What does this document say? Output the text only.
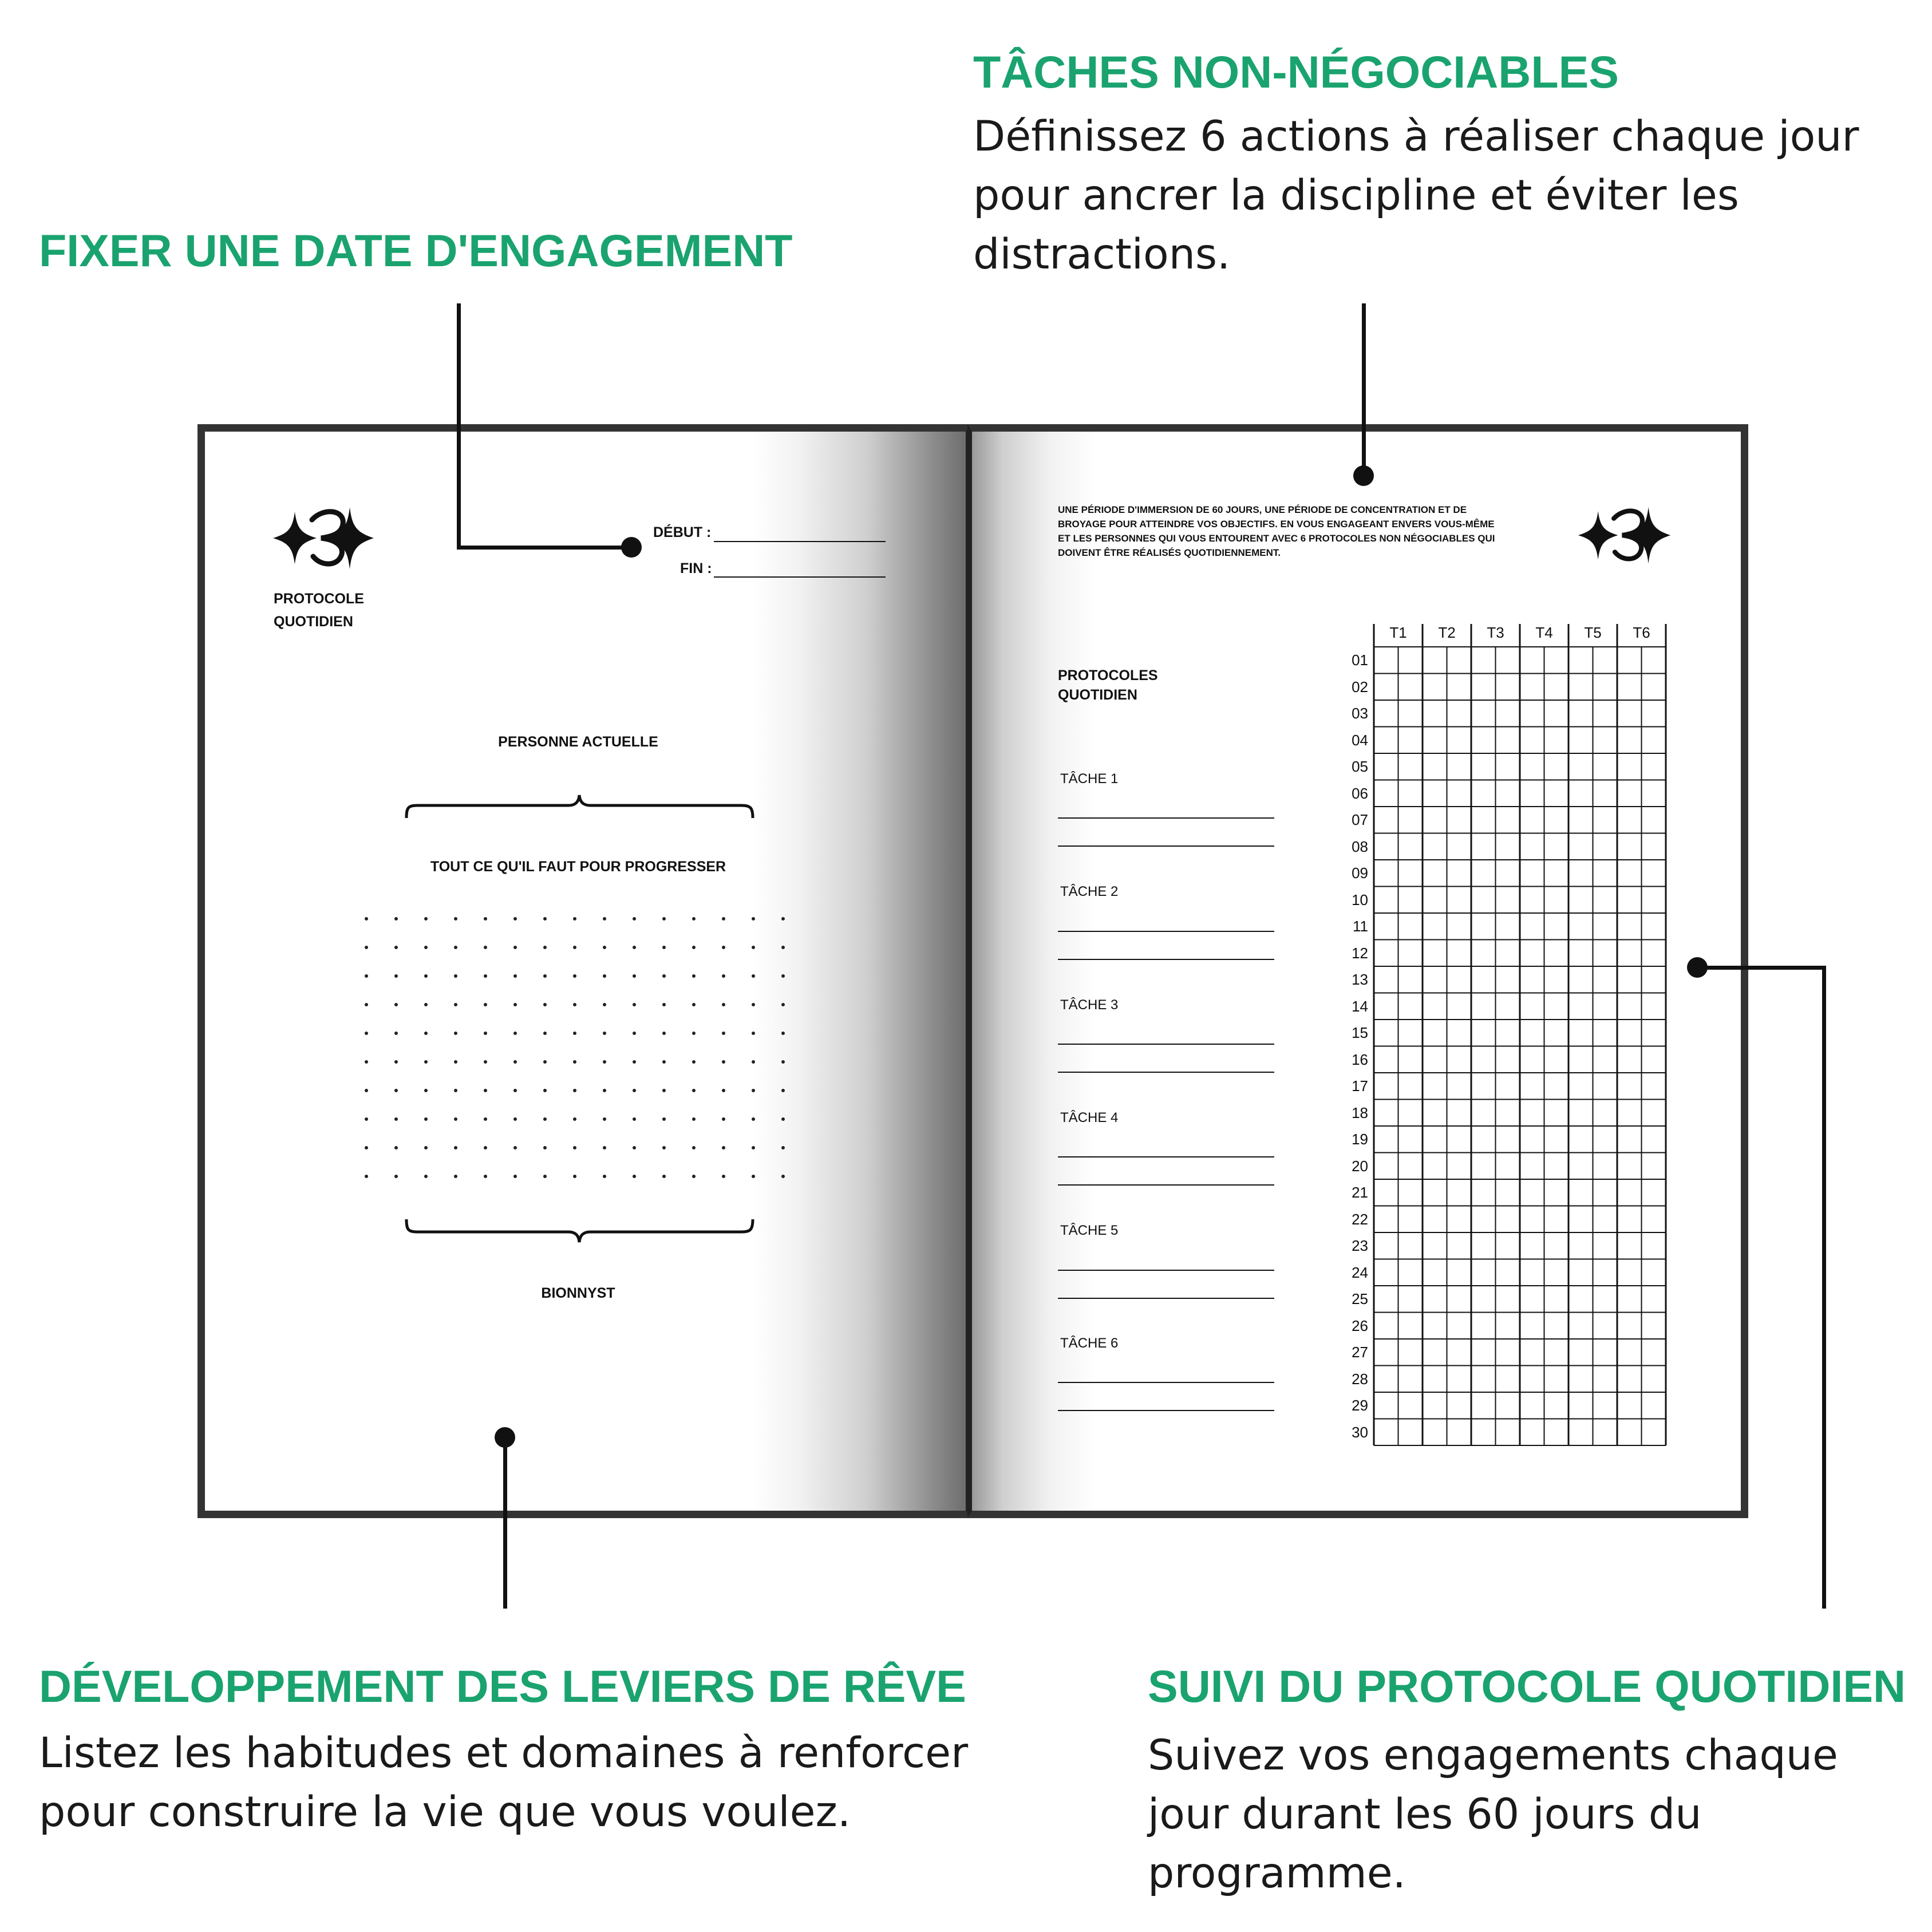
FIXER UNE DATE D'ENGAGEMENT
TÂCHES NON-NÉGOCIABLES
Définissez 6 actions à réaliser chaque jour
pour ancrer la discipline et éviter les
distractions.
DÉVELOPPEMENT DES LEVIERS DE RÊVE
Listez les habitudes et domaines à renforcer
pour construire la vie que vous voulez.
SUIVI DU PROTOCOLE QUOTIDIEN
Suivez vos engagements chaque
jour durant les 60 jours du
programme.
PROTOCOLE
QUOTIDIEN
DÉBUT :
FIN :
PERSONNE ACTUELLE
TOUT CE QU'IL FAUT POUR PROGRESSER
BIONNYST
UNE PÉRIODE D'IMMERSION DE 60 JOURS, UNE PÉRIODE DE CONCENTRATION ET DE
BROYAGE POUR ATTEINDRE VOS OBJECTIFS. EN VOUS ENGAGEANT ENVERS VOUS-MÊME
ET LES PERSONNES QUI VOUS ENTOURENT AVEC 6 PROTOCOLES NON NÉGOCIABLES QUI
DOIVENT ÊTRE RÉALISÉS QUOTIDIENNEMENT.
PROTOCOLES
QUOTIDIEN
TÂCHE 1
TÂCHE 2
TÂCHE 3
TÂCHE 4
TÂCHE 5
TÂCHE 6
T1	T2	T3	T4	T5	T6
01
02
03
04
05
06
07
08
09
10
11
12
13
14
15
16
17
18
19
20
21
22
23
24
25
26
27
28
29
30
